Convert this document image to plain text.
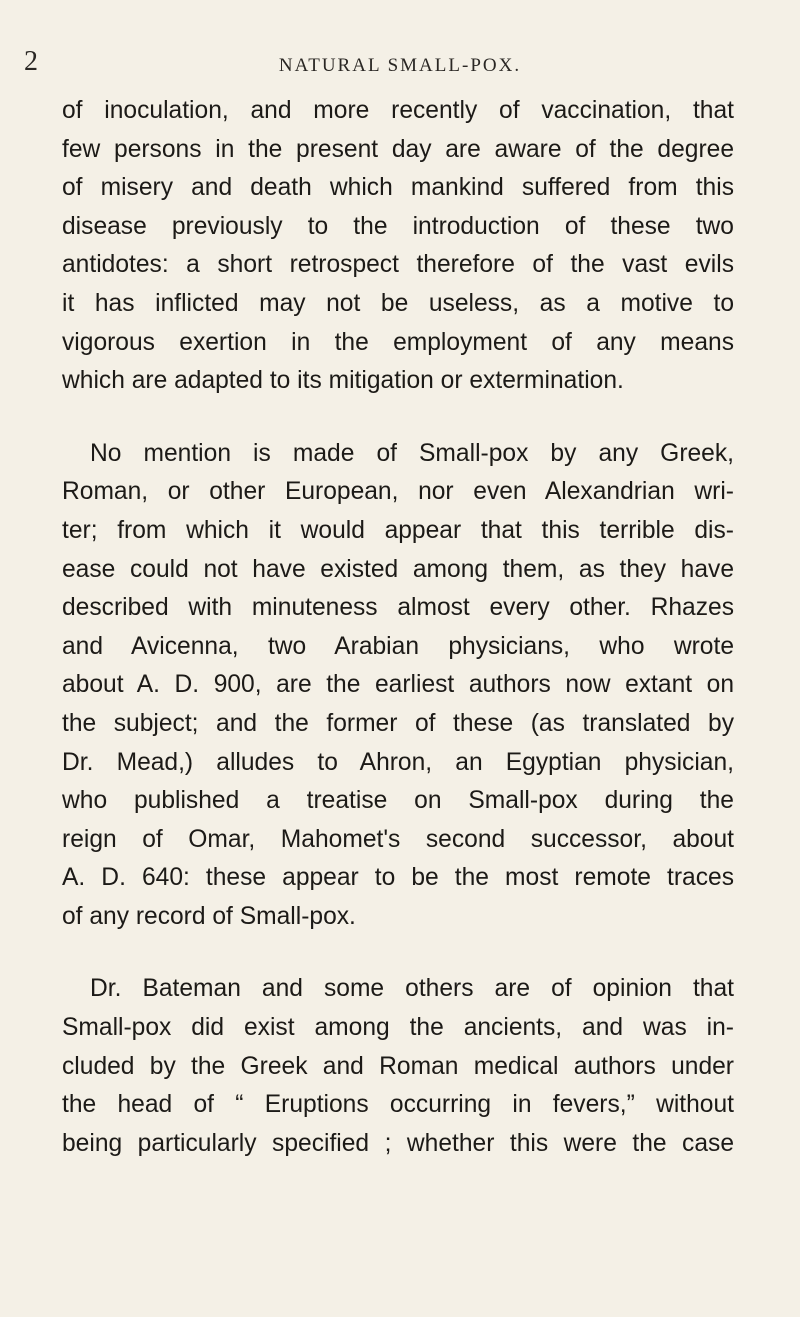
2	NATURAL SMALL-POX.

of inoculation, and more recently of vaccination, that
few persons in the present day are aware of the degree
of misery and death which mankind suffered from this
disease previously to the introduction of these two
antidotes: a short retrospect therefore of the vast evils
it has inflicted may not be useless, as a motive to
vigorous exertion in the employment of any means
which are adapted to its mitigation or extermination.

No mention is made of Small-pox by any Greek,
Roman, or other European, nor even Alexandrian wri-
ter; from which it would appear that this terrible dis-
ease could not have existed among them, as they have
described with minuteness almost every other. Rhazes
and Avicenna, two Arabian physicians, who wrote
about A. D. 900, are the earliest authors now extant on
the subject; and the former of these (as translated by
Dr. Mead,) alludes to Ahron, an Egyptian physician,
who published a treatise on Small-pox during the
reign of Omar, Mahomet's second successor, about
A. D. 640: these appear to be the most remote traces
of any record of Small-pox.

Dr. Bateman and some others are of opinion that
Small-pox did exist among the ancients, and was in-
cluded by the Greek and Roman medical authors under
the head of “ Eruptions occurring in fevers,” without
being particularly specified ; whether this were the case
